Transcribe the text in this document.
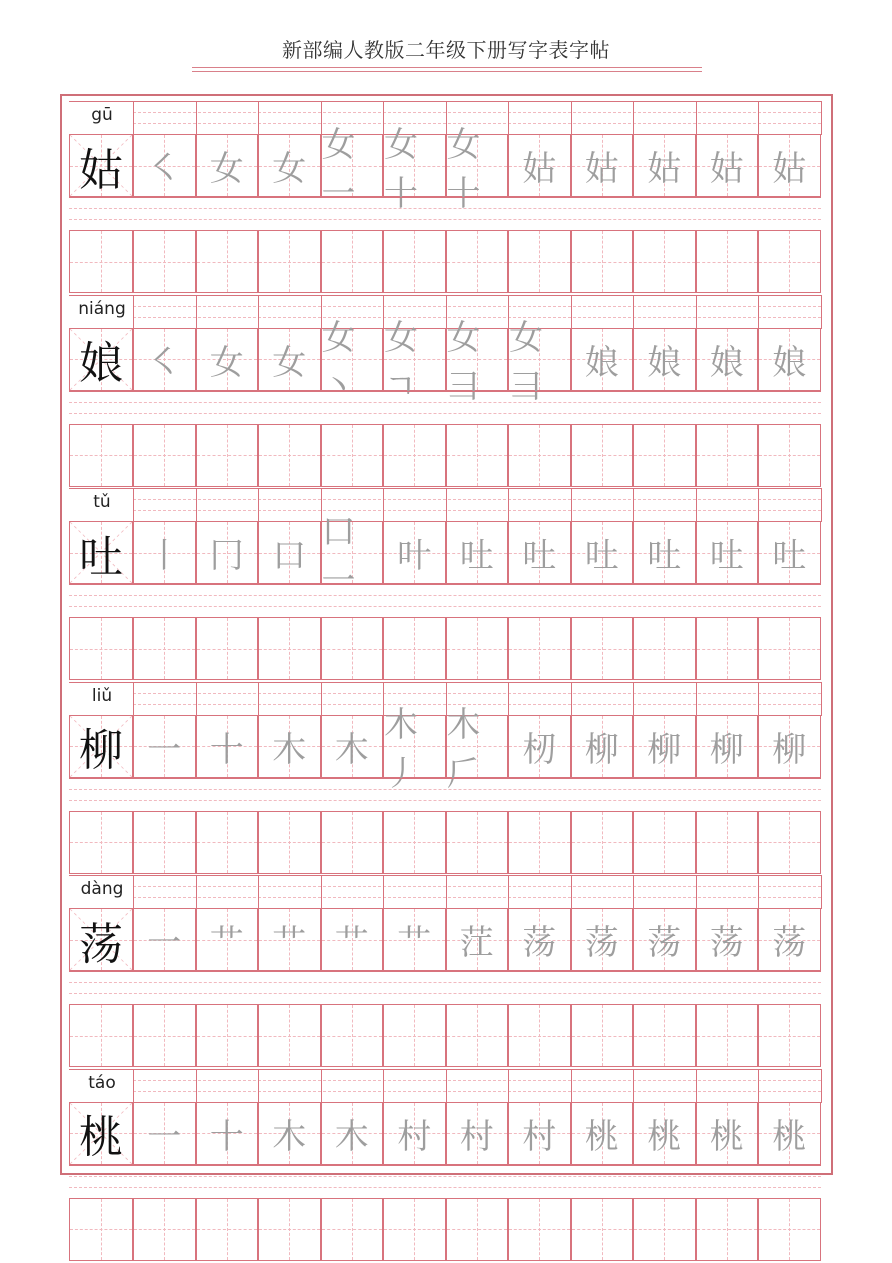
新部编人教版二年级下册写字表字帖
gū
姑 ㇛ 女 女
女一
女十
女十
姑 姑 姑 姑 姑
niáng
娘 ㇛ 女 女
女丶
女ㄱ
女彐
女彐
娘 娘 娘 娘
tǔ
吐 丨 冂 口
口一
叶 吐 吐 吐 吐 吐 吐
liǔ
柳 一 十 木 木
木丿
木𠂆
杒 柳 柳 柳 柳
dàng
荡 一 艹 艹 艹 艹 茳 荡 荡 荡 荡 荡
táo
桃 一 十 木 木 村 村 村 桃 桃 桃 桃
